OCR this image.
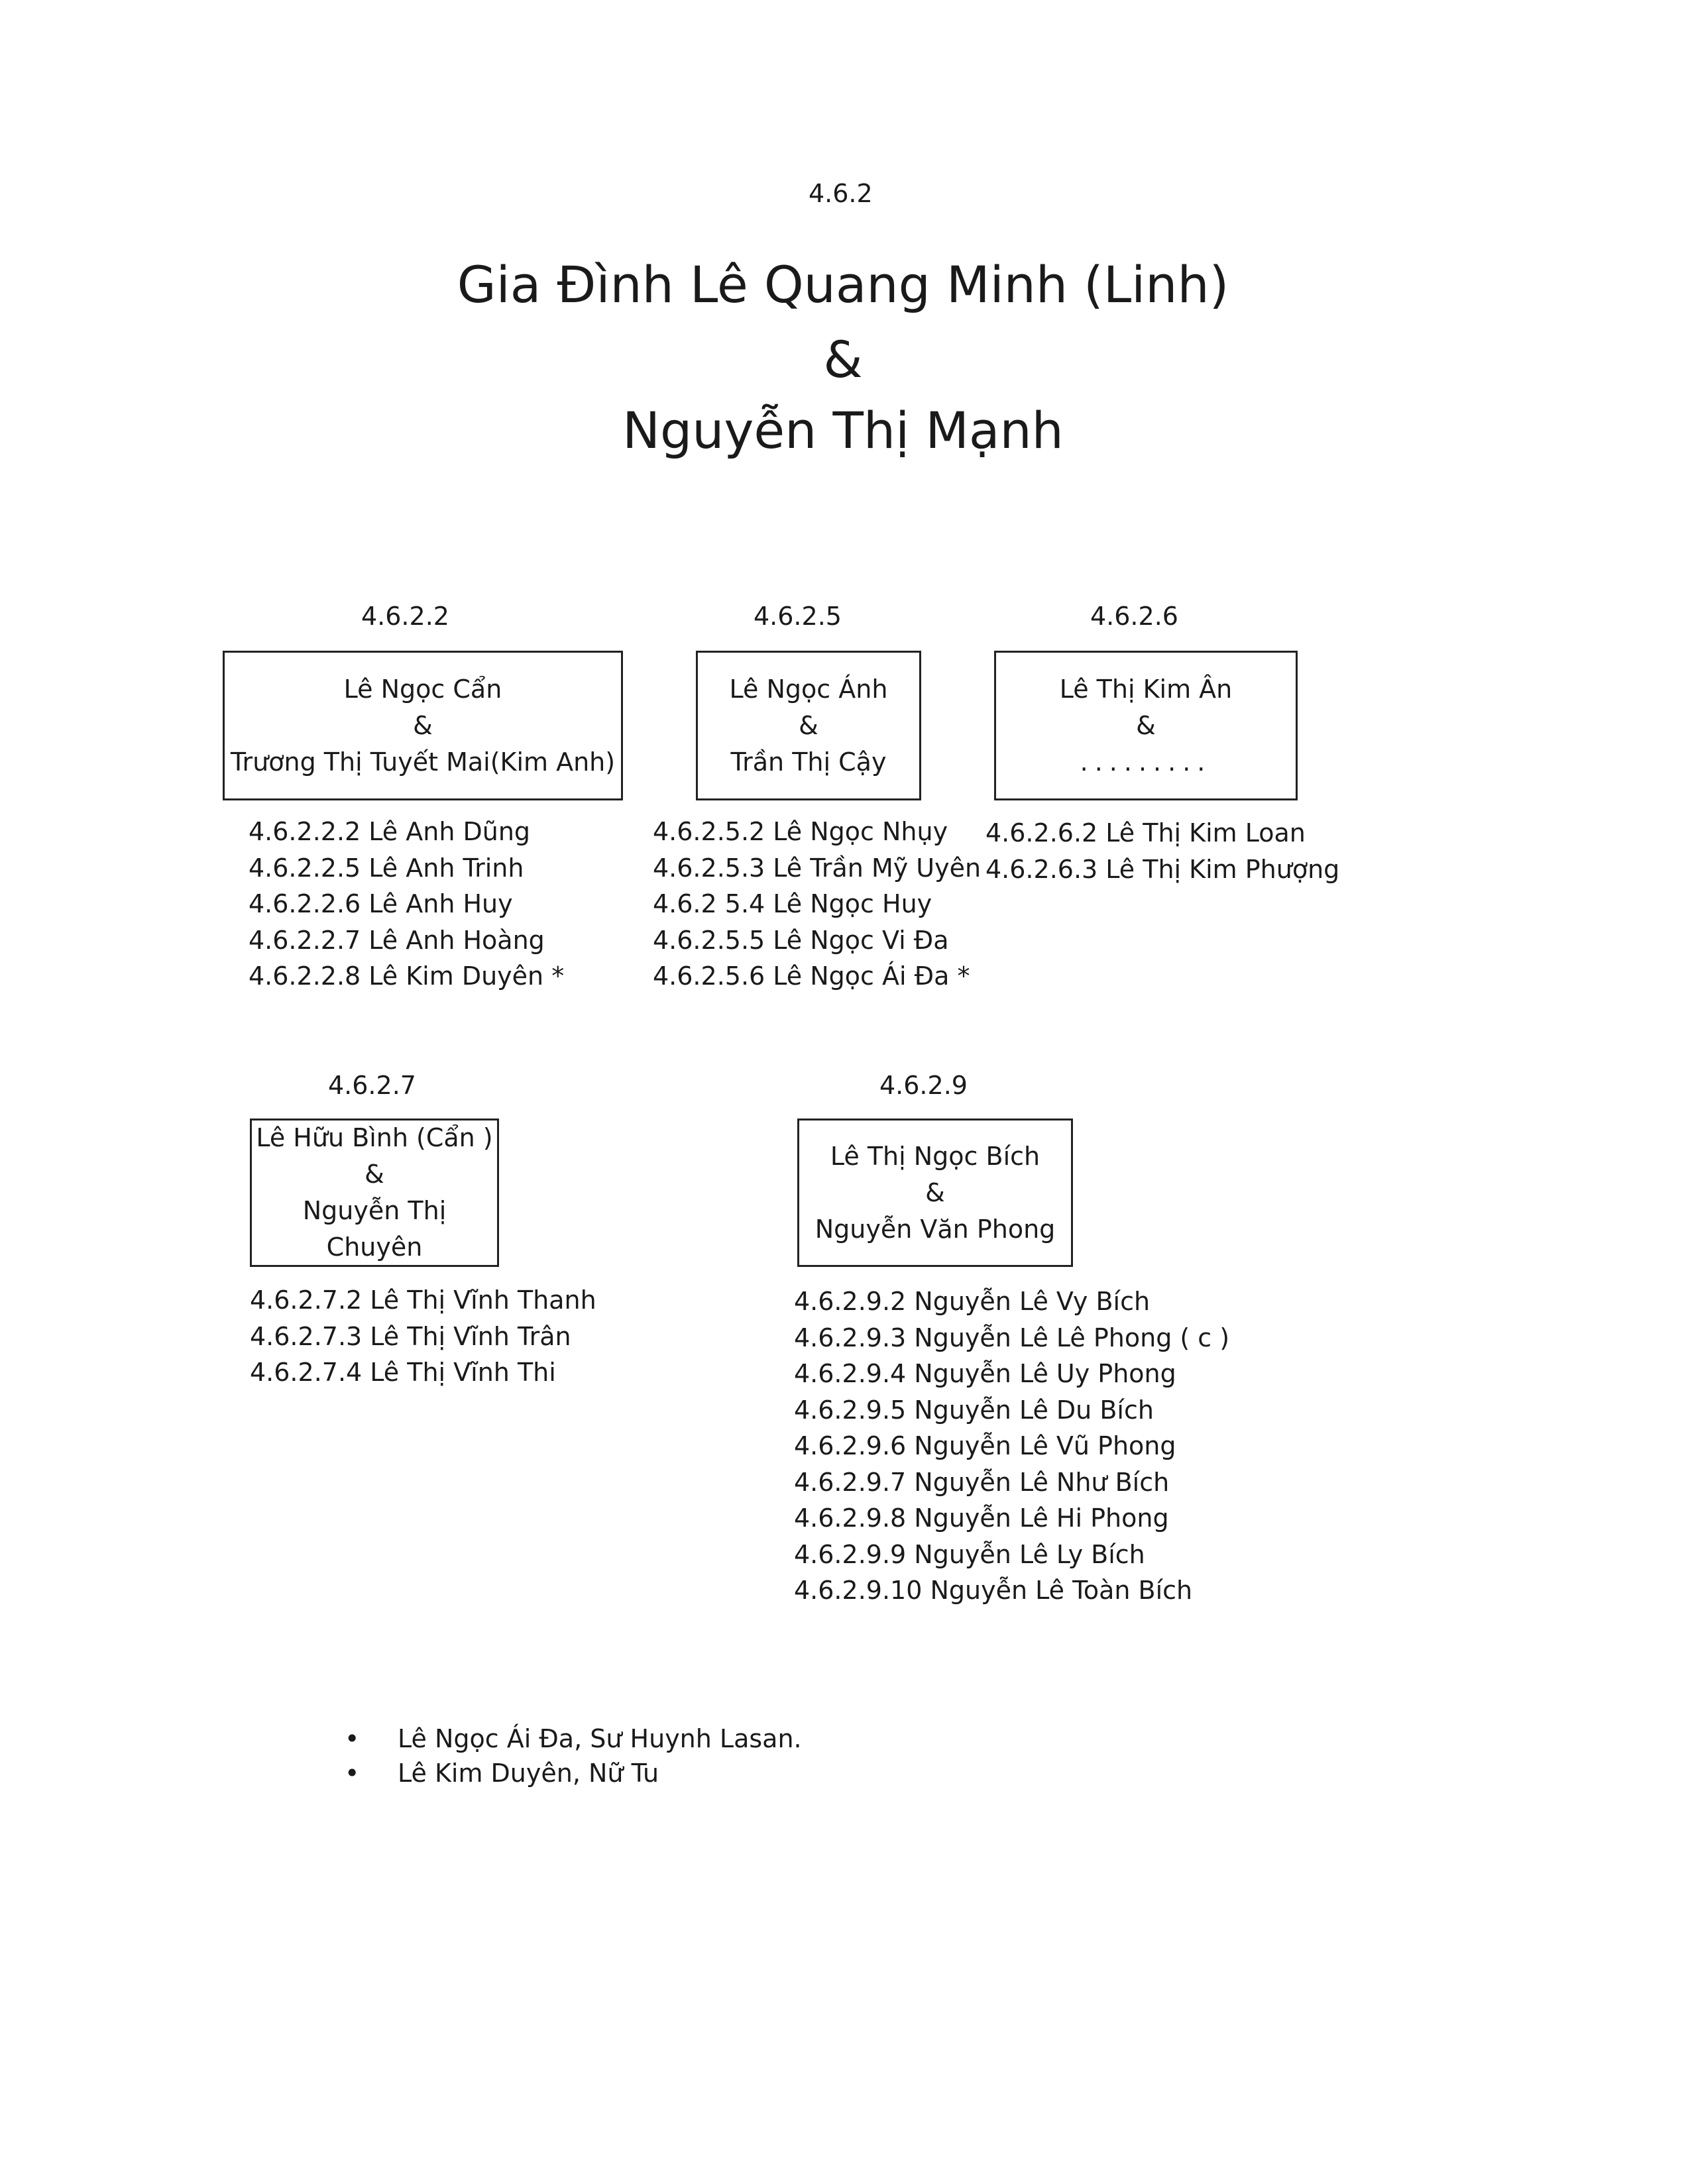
4.6.2
Gia Đình Lê Quang Minh (Linh)
&
Nguyễn Thị Mạnh
4.6.2.2
Lê Ngọc Cẩn
&
Trương Thị Tuyết Mai(Kim Anh)
4.6.2.2.2 Lê Anh Dũng
4.6.2.2.5 Lê Anh Trinh
4.6.2.2.6 Lê Anh Huy
4.6.2.2.7 Lê Anh Hoàng
4.6.2.2.8 Lê Kim Duyên *
4.6.2.5
Lê Ngọc Ánh
&
Trần Thị Cậy
4.6.2.5.2 Lê Ngọc Nhụy
4.6.2.5.3 Lê Trần Mỹ Uyên
4.6.2 5.4 Lê Ngọc Huy
4.6.2.5.5 Lê Ngọc Vi Đa
4.6.2.5.6 Lê Ngọc Ái Đa *
4.6.2.6
Lê Thị Kim Ân
&
.........
4.6.2.6.2 Lê Thị Kim Loan
4.6.2.6.3 Lê Thị Kim Phượng
4.6.2.7
Lê Hữu Bình (Cẩn )
&
Nguyễn Thị Chuyên
4.6.2.7.2 Lê Thị Vĩnh Thanh
4.6.2.7.3 Lê Thị Vĩnh Trân
4.6.2.7.4 Lê Thị Vĩnh Thi
4.6.2.9
Lê Thị Ngọc Bích
&
Nguyễn Văn Phong
4.6.2.9.2 Nguyễn Lê Vy Bích
4.6.2.9.3 Nguyễn Lê Lê Phong ( c )
4.6.2.9.4 Nguyễn Lê Uy Phong
4.6.2.9.5 Nguyễn Lê Du Bích
4.6.2.9.6 Nguyễn Lê Vũ Phong
4.6.2.9.7 Nguyễn Lê Như Bích
4.6.2.9.8 Nguyễn Lê Hi Phong
4.6.2.9.9 Nguyễn Lê Ly Bích
4.6.2.9.10 Nguyễn Lê Toàn Bích
• Lê Ngọc Ái Đa, Sư Huynh Lasan.
• Lê Kim Duyên, Nữ Tu
